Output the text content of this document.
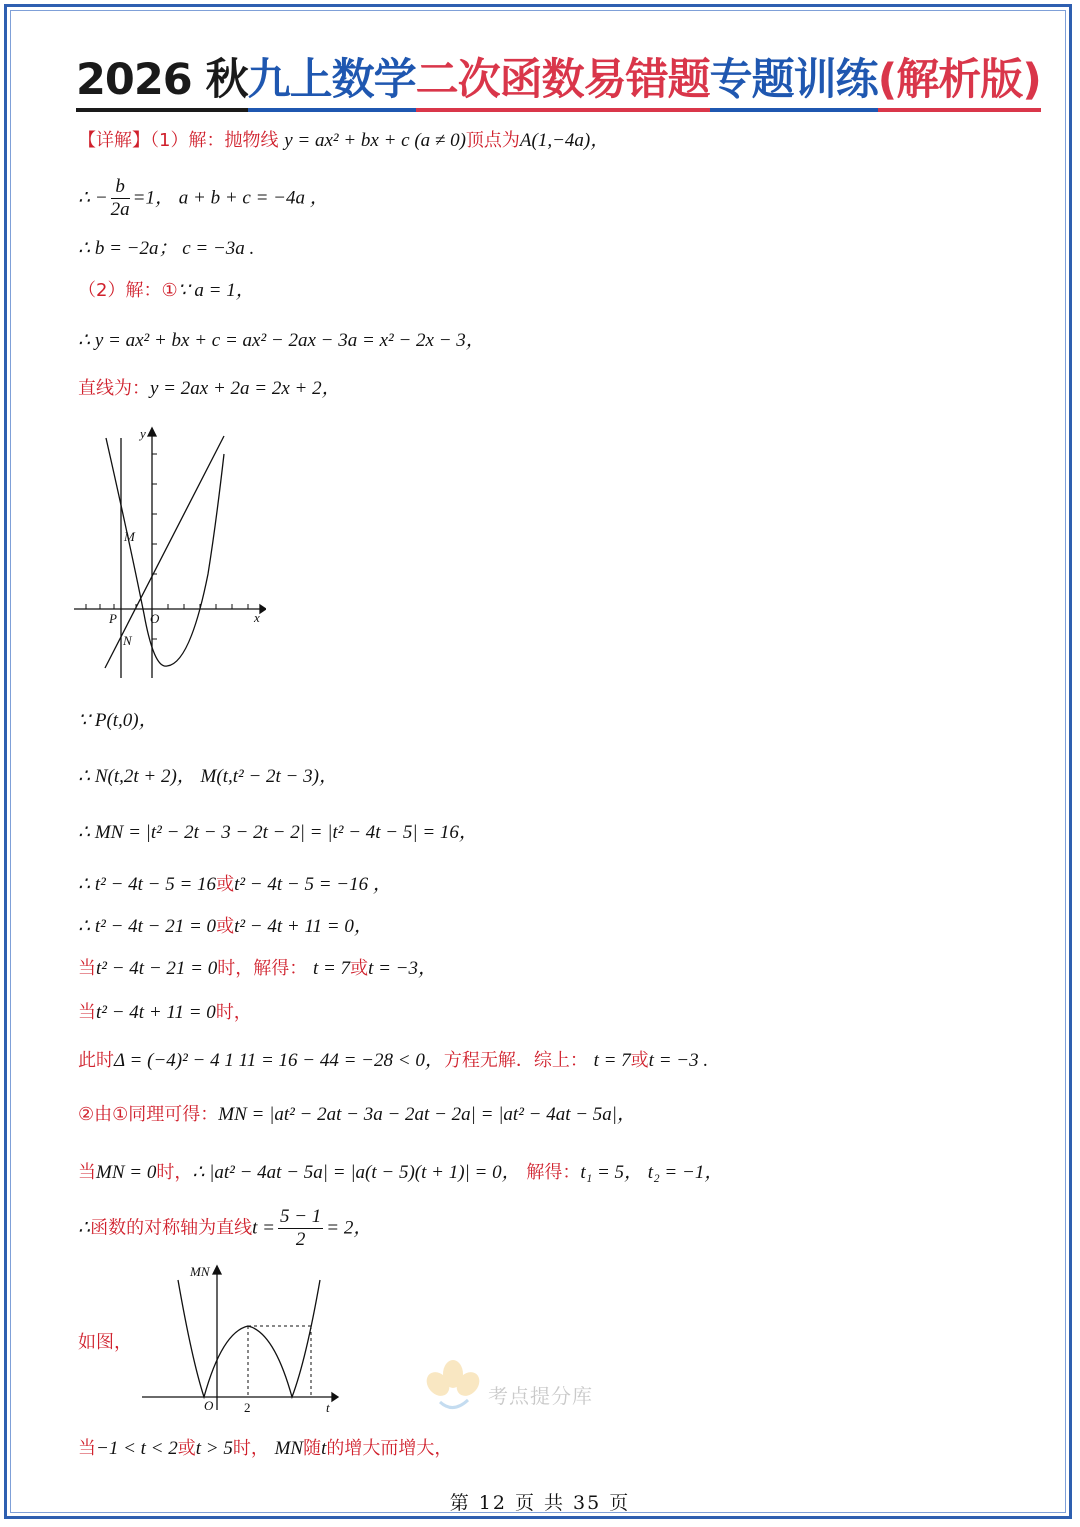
2026 秋九上数学二次函数易错题专题训练(解析版)
【详解】（1）解：抛物线 y = ax² + bx + c (a ≠ 0)顶点为A(1,−4a)，
∴ − $\frac{b}{2a} =1$， a + b + c = −4a ，
∴ b = −2a； c = −3a .
（2）解：①∵ a = 1，
∴ y = ax² + bx + c = ax² − 2ax − 3a = x² − 2x − 3，
直线为：y = 2ax + 2a = 2x + 2，
y
x
M
N
P	O
∵ P(t,0)，
∴ N(t,2t + 2)， M(t,t² − 2t − 3)，
∴ MN = |t² − 2t − 3 − 2t − 2| = |t² − 4t − 5| = 16，
∴ t² − 4t − 5 = 16或t² − 4t − 5 = −16 ，
∴ t² − 4t − 21 = 0或t² − 4t + 11 = 0，
当t² − 4t − 21 = 0时，解得： t = 7或t = −3，
当t² − 4t + 11 = 0时，
此时Δ = (−4)² − 4 1 11 = 16 − 44 = −28 < 0，方程无解．综上： t = 7或t = −3 .
②由①同理可得：MN = |at² − 2at − 3a − 2at − 2a| = |at² − 4at − 5a|，
当MN = 0时，∴ |at² − 4at − 5a| = |a(t − 5)(t + 1)| = 0， 解得：t₁ = 5， t₂ = −1，
∴函数的对称轴为直线$t = \frac{5 - 1}{2} = 2$，
如图，
MN
t
O 2	考点提分库
当−1 < t < 2或t > 5时， MN随t的增大而增大，
第 12 页 共 35 页
